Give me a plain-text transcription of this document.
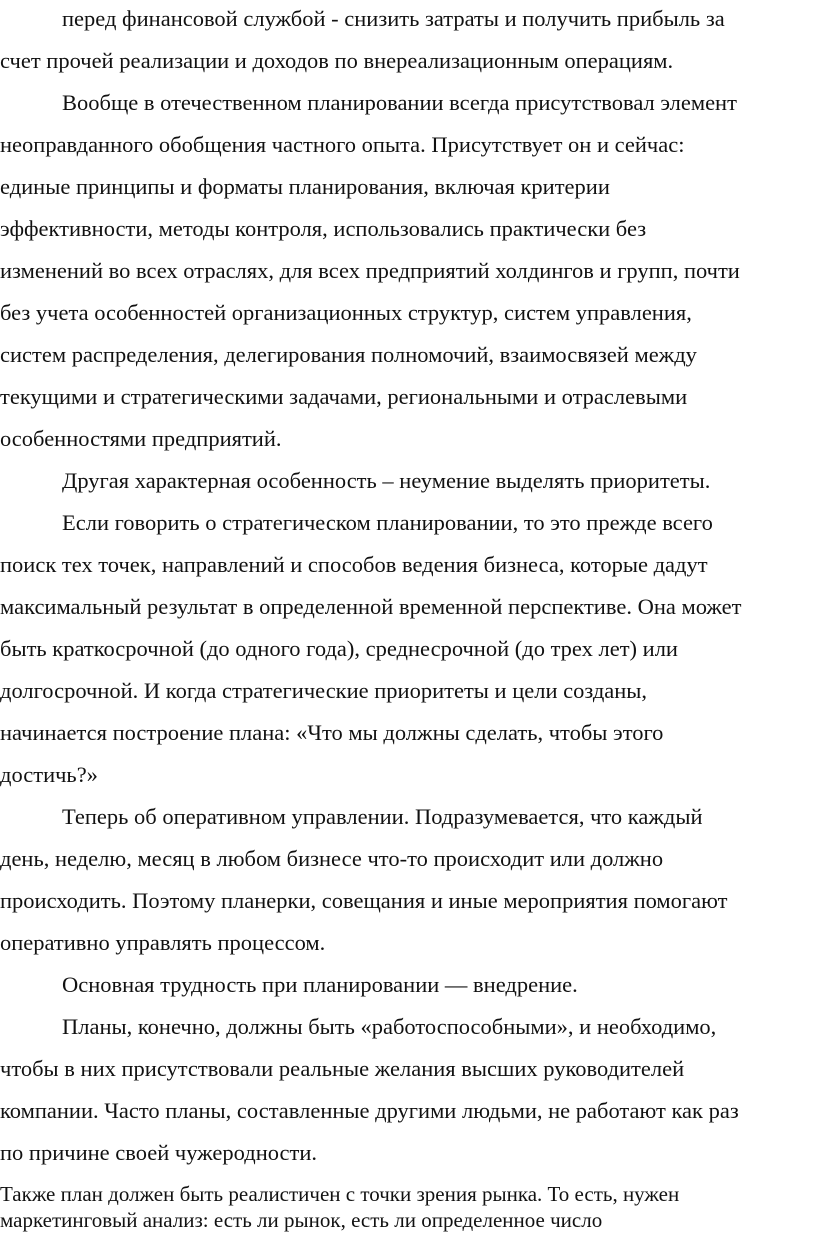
перед финансовой службой - снизить затраты и получить прибыль за
счет прочей реализации и доходов по внереализационным операциям.
Вообще в отечественном планировании всегда присутствовал элемент
неоправданного обобщения частного опыта. Присутствует он и сейчас:
единые принципы и форматы планирования, включая критерии
эффективности, методы контроля, использовались практически без
изменений во всех отраслях, для всех предприятий холдингов и групп, почти
без учета особенностей организационных структур, систем управления,
систем распределения, делегирования полномочий, взаимосвязей между
текущими и стратегическими задачами, региональными и отраслевыми
особенностями предприятий.
Другая характерная особенность – неумение выделять приоритеты.
Если говорить о стратегическом планировании, то это прежде всего
поиск тех точек, направлений и способов ведения бизнеса, которые дадут
максимальный результат в определенной временной перспективе. Она может
быть краткосрочной (до одного года), среднесрочной (до трех лет) или
долгосрочной. И когда стратегические приоритеты и цели созданы,
начинается построение плана: «Что мы должны сделать, чтобы этого
достичь?»
Теперь об оперативном управлении. Подразумевается, что каждый
день, неделю, месяц в любом бизнесе что-то происходит или должно
происходить. Поэтому планерки, совещания и иные мероприятия помогают
оперативно управлять процессом.
Основная трудность при планировании — внедрение.
Планы, конечно, должны быть «работоспособными», и необходимо,
чтобы в них присутствовали реальные желания высших руководителей
компании. Часто планы, составленные другими людьми, не работают как раз
по причине своей чужеродности.
Также план должен быть реалистичен с точки зрения рынка. То есть, нужен
маркетинговый анализ: есть ли рынок, есть ли определенное число
